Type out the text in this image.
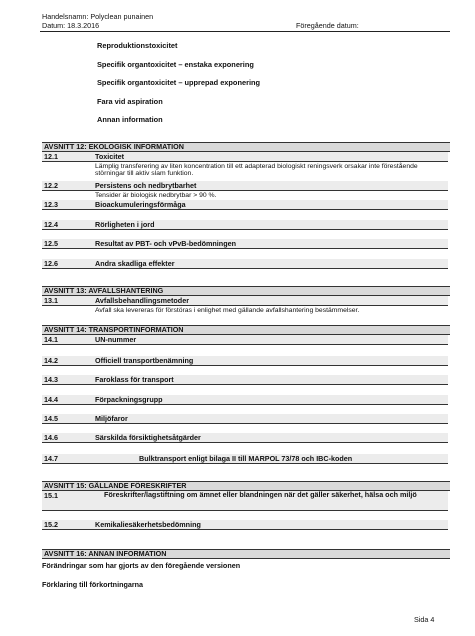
Handelsnamn: Polyclean punainen
Datum: 18.3.2016	Föregående datum:
Reproduktionstoxicitet
Specifik organtoxicitet – enstaka exponering
Specifik organtoxicitet – upprepad exponering
Fara vid aspiration
Annan information
AVSNITT 12: EKOLOGISK INFORMATION
12.1	Toxicitet
Lämplig transferering av liten koncentration till ett adapterad biologiskt reningsverk orsakar inte förestående störningar till aktiv slam funktion.
12.2	Persistens och nedbrytbarhet
Tensider är biologisk nedbrytbar > 90 %.
12.3	Bioackumuleringsförmåga
12.4	Rörligheten i jord
12.5	Resultat av PBT- och vPvB-bedömningen
12.6	Andra skadliga effekter
AVSNITT 13: AVFALLSHANTERING
13.1	Avfallsbehandlingsmetoder
Avfall ska levereras för förstöras i enlighet med gällande avfallshantering bestämmelser.
AVSNITT 14: TRANSPORTINFORMATION
14.1	UN-nummer
14.2	Officiell transportbenämning
14.3	Faroklass för transport
14.4	Förpackningsgrupp
14.5	Miljöfaror
14.6	Särskilda försiktighetsåtgärder
14.7	Bulktransport enligt bilaga II till MARPOL 73/78 och IBC-koden
AVSNITT 15: GÄLLANDE FÖRESKRIFTER
15.1	Föreskrifter/lagstiftning om ämnet eller blandningen när det gäller säkerhet, hälsa och miljö
15.2	Kemikaliesäkerhetsbedömning
AVSNITT 16: ANNAN INFORMATION
Förändringar som har gjorts av den föregående versionen
Förklaring till förkortningarna
Sida 4
